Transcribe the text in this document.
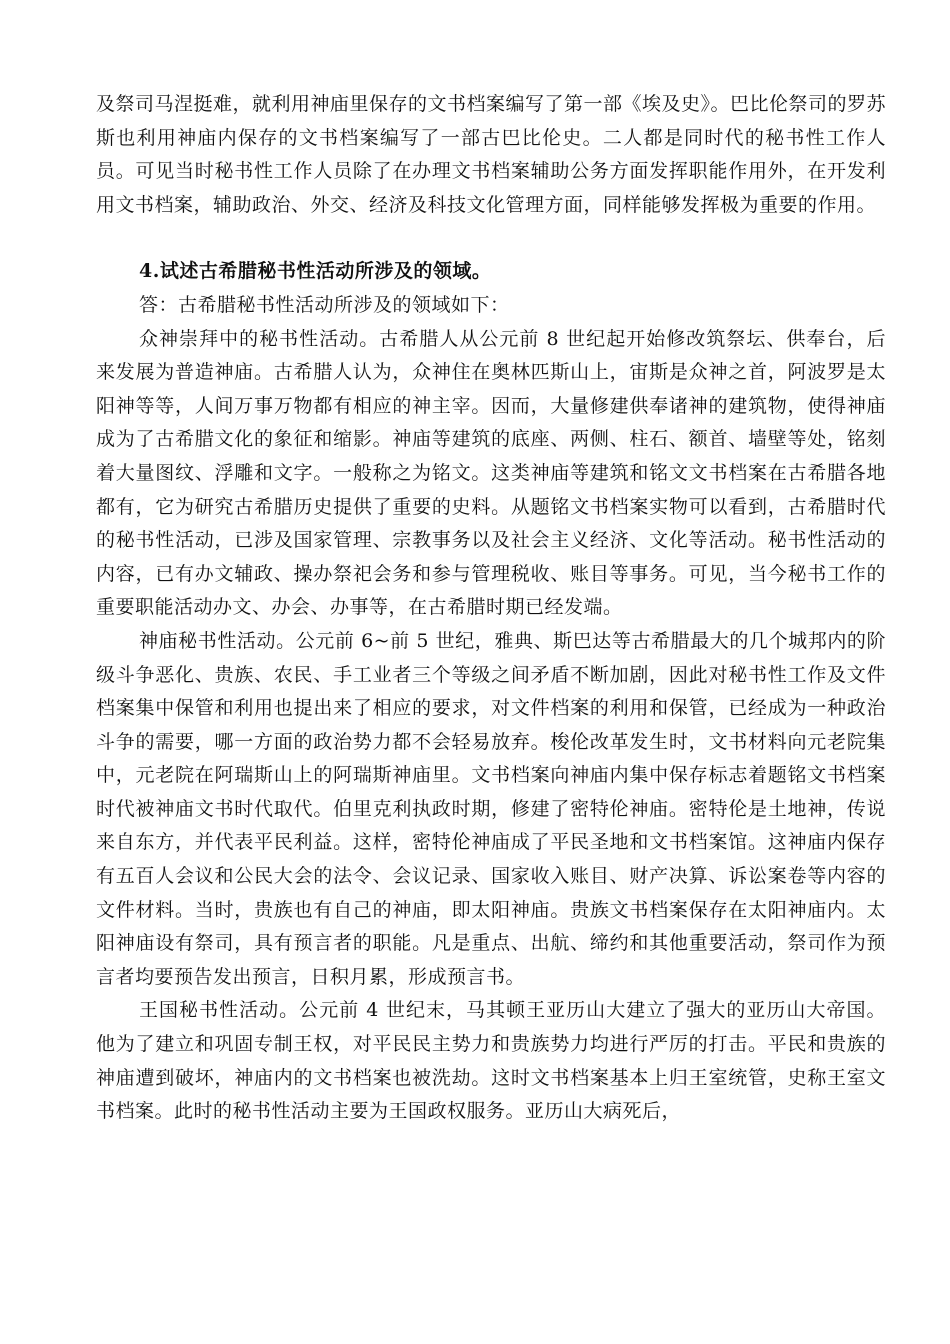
及祭司马涅挺难，就利用神庙里保存的文书档案编写了第一部《埃及史》。巴比伦祭司的罗苏斯也利用神庙内保存的文书档案编写了一部古巴比伦史。二人都是同时代的秘书性工作人员。可见当时秘书性工作人员除了在办理文书档案辅助公务方面发挥职能作用外，在开发利用文书档案，辅助政治、外交、经济及科技文化管理方面，同样能够发挥极为重要的作用。

4.试述古希腊秘书性活动所涉及的领域。

答：古希腊秘书性活动所涉及的领域如下：

众神崇拜中的秘书性活动。古希腊人从公元前 8 世纪起开始修改筑祭坛、供奉台，后来发展为普造神庙。古希腊人认为，众神住在奥林匹斯山上，宙斯是众神之首，阿波罗是太阳神等等，人间万事万物都有相应的神主宰。因而，大量修建供奉诸神的建筑物，使得神庙成为了古希腊文化的象征和缩影。神庙等建筑的底座、两侧、柱石、额首、墙壁等处，铭刻着大量图纹、浮雕和文字。一般称之为铭文。这类神庙等建筑和铭文文书档案在古希腊各地都有，它为研究古希腊历史提供了重要的史料。从题铭文书档案实物可以看到，古希腊时代的秘书性活动，已涉及国家管理、宗教事务以及社会主义经济、文化等活动。秘书性活动的内容，已有办文辅政、操办祭祀会务和参与管理税收、账目等事务。可见，当今秘书工作的重要职能活动办文、办会、办事等，在古希腊时期已经发端。

神庙秘书性活动。公元前 6~前 5 世纪，雅典、斯巴达等古希腊最大的几个城邦内的阶级斗争恶化、贵族、农民、手工业者三个等级之间矛盾不断加剧，因此对秘书性工作及文件档案集中保管和利用也提出来了相应的要求，对文件档案的利用和保管，已经成为一种政治斗争的需要，哪一方面的政治势力都不会轻易放弃。梭伦改革发生时，文书材料向元老院集中，元老院在阿瑞斯山上的阿瑞斯神庙里。文书档案向神庙内集中保存标志着题铭文书档案时代被神庙文书时代取代。伯里克利执政时期，修建了密特伦神庙。密特伦是土地神，传说来自东方，并代表平民利益。这样，密特伦神庙成了平民圣地和文书档案馆。这神庙内保存有五百人会议和公民大会的法令、会议记录、国家收入账目、财产决算、诉讼案卷等内容的文件材料。当时，贵族也有自己的神庙，即太阳神庙。贵族文书档案保存在太阳神庙内。太阳神庙设有祭司，具有预言者的职能。凡是重点、出航、缔约和其他重要活动，祭司作为预言者均要预告发出预言，日积月累，形成预言书。

王国秘书性活动。公元前 4 世纪末，马其顿王亚历山大建立了强大的亚历山大帝国。他为了建立和巩固专制王权，对平民民主势力和贵族势力均进行严厉的打击。平民和贵族的神庙遭到破坏，神庙内的文书档案也被洗劫。这时文书档案基本上归王室统管，史称王室文书档案。此时的秘书性活动主要为王国政权服务。亚历山大病死后，
